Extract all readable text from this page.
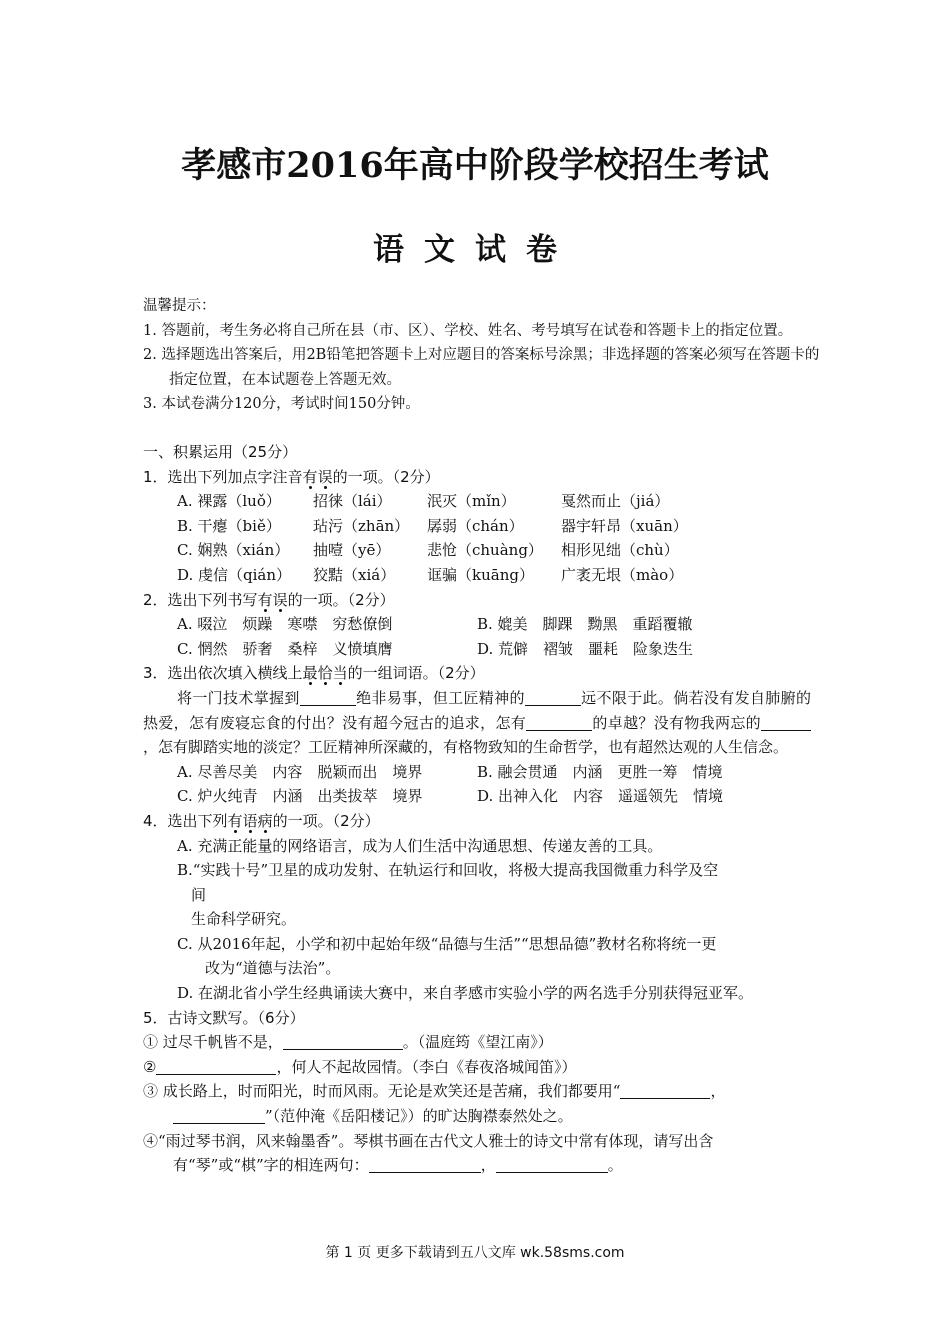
孝感市2016年高中阶段学校招生考试
语文试卷
温馨提示：
1. 答题前，考生务必将自己所在县（市、区）、学校、姓名、考号填写在试卷和答题卡上的指定位置。
2. 选择题选出答案后，用2B铅笔把答题卡上对应题目的答案标号涂黑；非选择题的答案必须写在答题卡的指定位置，在本试题卷上答题无效。
3. 本试卷满分120分，考试时间150分钟。
一、积累运用（25分）
1．选出下列加点字注音有误的一项。（2分）
A. 裸露（luǒ）	招徕（lái）	泯灭（mǐn）	戛然而止（jiá）
B. 干瘪（biě）	玷污（zhān）	孱弱（chán）	器宇轩昂（xuān）
C. 娴熟（xián）	抽噎（yē）	悲怆（chuàng）	相形见绌（chù）
D. 虔信（qián）	狡黠（xiá）	诓骗（kuāng）	广袤无垠（mào）
2．选出下列书写有误的一项。（2分）
A. 啜泣　烦躁　寒噤　穷愁僚倒	B. 媲美　脚踝　黝黑　重蹈覆辙
C. 惘然　骄奢　桑梓　义愤填膺	D. 荒僻　褶皱　噩耗　险象迭生
3．选出依次填入横线上最恰当的一组词语。（2分）
将一门技术掌握到	绝非易事，但工匠精神的	远不限于此。倘若没有发自肺腑的热爱，怎有废寝忘食的付出？没有超今冠古的追求，怎有	的卓越？没有物我两忘的，怎有脚踏实地的淡定？工匠精神所深藏的，有格物致知的生命哲学，也有超然达观的人生信念。
A. 尽善尽美　内容　脱颖而出　境界	B. 融会贯通　内涵　更胜一筹　情境
C. 炉火纯青　内涵　出类拔萃　境界	D. 出神入化　内容　遥遥领先　情境
4．选出下列有语病的一项。（2分）
A. 充满正能量的网络语言，成为人们生活中沟通思想、传递友善的工具。
B.“实践十号”卫星的成功发射、在轨运行和回收，将极大提高我国微重力科学及空
间
生命科学研究。
C. 从2016年起，小学和初中起始年级“品德与生活”“思想品德”教材名称将统一更
改为“道德与法治”。
D. 在湖北省小学生经典诵读大赛中，来自孝感市实验小学的两名选手分别获得冠亚军。
5．古诗文默写。（6分）
① 过尽千帆皆不是，	。（温庭筠《望江南》）
②	，何人不起故园情。（李白《春夜洛城闻笛》）
③ 成长路上，时而阳光，时而风雨。无论是欢笑还是苦痛，我们都要用“	，
”（范仲淹《岳阳楼记》）的旷达胸襟泰然处之。
④“雨过琴书润，风来翰墨香”。琴棋书画在古代文人雅士的诗文中常有体现，请写出含
有“琴”或“棋”字的相连两句：	，	。
第 1 页 更多下载请到五八文库 wk.58sms.com
